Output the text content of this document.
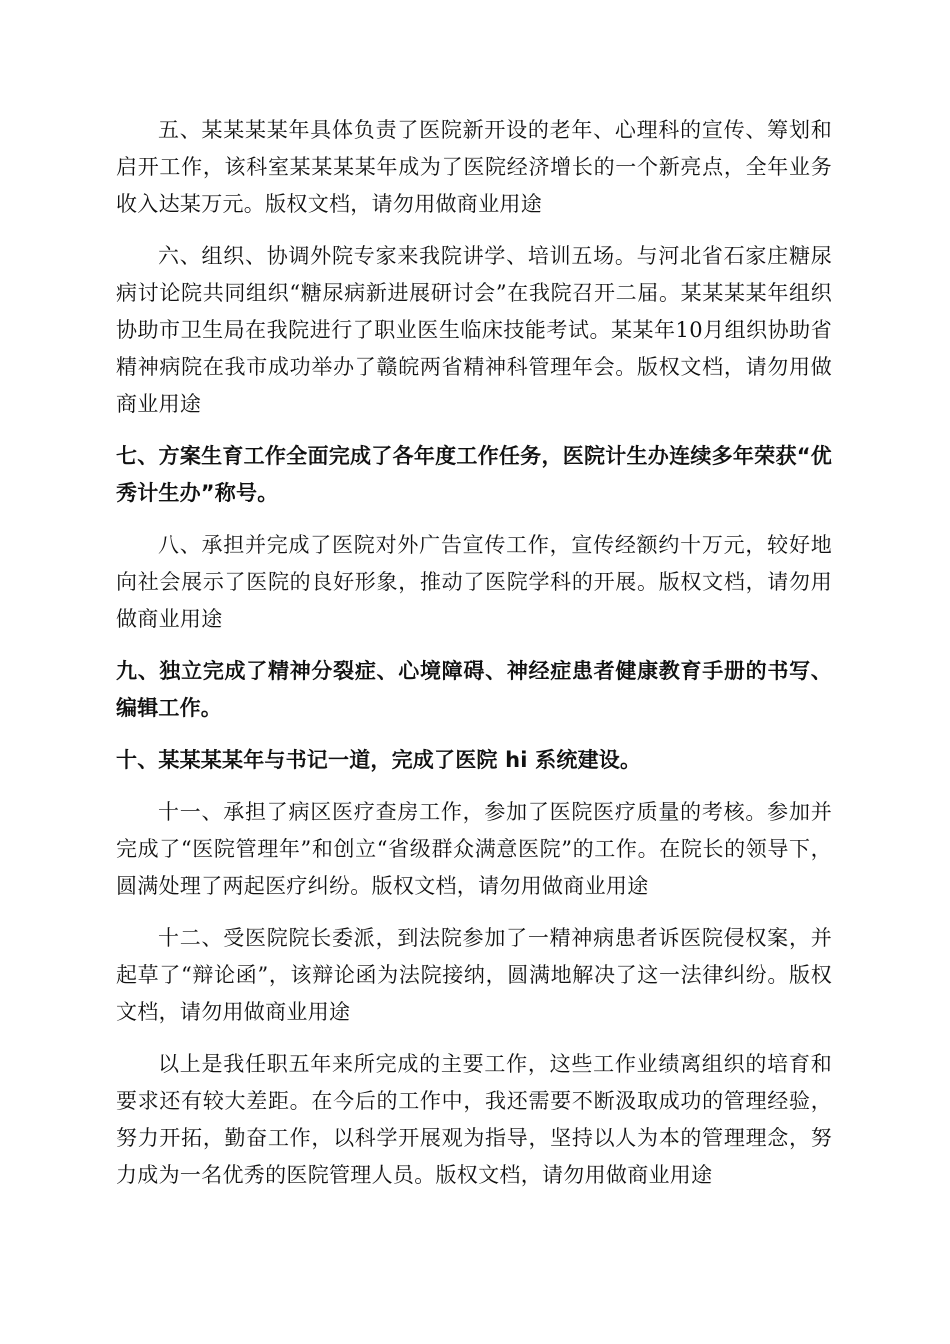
五、某某某某年具体负责了医院新开设的老年、心理科的宣传、筹划和启开工作，该科室某某某某年成为了医院经济增长的一个新亮点，全年业务收入达某万元。版权文档，请勿用做商业用途

六、组织、协调外院专家来我院讲学、培训五场。与河北省石家庄糖尿病讨论院共同组织“糖尿病新进展研讨会”在我院召开二届。某某某某年组织协助市卫生局在我院进行了职业医生临床技能考试。某某年10月组织协助省精神病院在我市成功举办了赣皖两省精神科管理年会。版权文档，请勿用做商业用途

七、方案生育工作全面完成了各年度工作任务，医院计生办连续多年荣获“优秀计生办”称号。

八、承担并完成了医院对外广告宣传工作，宣传经额约十万元，较好地向社会展示了医院的良好形象，推动了医院学科的开展。版权文档，请勿用做商业用途

九、独立完成了精神分裂症、心境障碍、神经症患者健康教育手册的书写、编辑工作。

十、某某某某年与书记一道，完成了医院 hi 系统建设。

十一、承担了病区医疗查房工作，参加了医院医疗质量的考核。参加并完成了“医院管理年”和创立“省级群众满意医院”的工作。在院长的领导下，圆满处理了两起医疗纠纷。版权文档，请勿用做商业用途

十二、受医院院长委派，到法院参加了一精神病患者诉医院侵权案，并起草了“辩论函”，该辩论函为法院接纳，圆满地解决了这一法律纠纷。版权文档，请勿用做商业用途

以上是我任职五年来所完成的主要工作，这些工作业绩离组织的培育和要求还有较大差距。在今后的工作中，我还需要不断汲取成功的管理经验，努力开拓，勤奋工作，以科学开展观为指导，坚持以人为本的管理理念，努力成为一名优秀的医院管理人员。版权文档，请勿用做商业用途
